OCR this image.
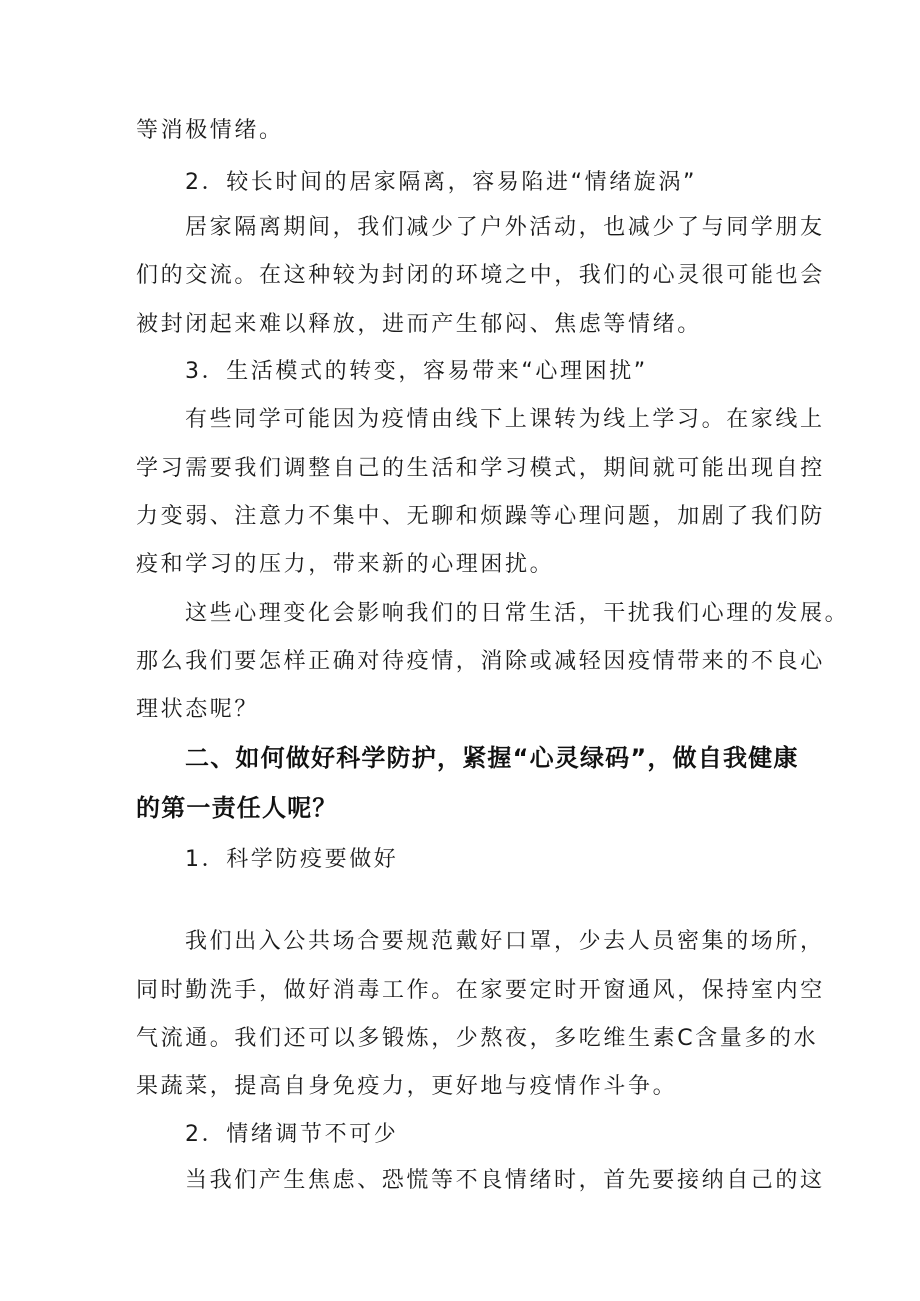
等消极情绪。
2．较长时间的居家隔离，容易陷进“情绪旋涡”
居家隔离期间，我们减少了户外活动，也减少了与同学朋友
们的交流。在这种较为封闭的环境之中，我们的心灵很可能也会
被封闭起来难以释放，进而产生郁闷、焦虑等情绪。
3．生活模式的转变，容易带来“心理困扰”
有些同学可能因为疫情由线下上课转为线上学习。在家线上
学习需要我们调整自己的生活和学习模式，期间就可能出现自控
力变弱、注意力不集中、无聊和烦躁等心理问题，加剧了我们防
疫和学习的压力，带来新的心理困扰。
这些心理变化会影响我们的日常生活，干扰我们心理的发展。
那么我们要怎样正确对待疫情，消除或减轻因疫情带来的不良心
理状态呢？
二、如何做好科学防护，紧握“心灵绿码”，做自我健康
的第一责任人呢？
1．科学防疫要做好
我们出入公共场合要规范戴好口罩，少去人员密集的场所，
同时勤洗手，做好消毒工作。在家要定时开窗通风，保持室内空
气流通。我们还可以多锻炼，少熬夜，多吃维生素C含量多的水
果蔬菜，提高自身免疫力，更好地与疫情作斗争。
2．情绪调节不可少
当我们产生焦虑、恐慌等不良情绪时，首先要接纳自己的这
